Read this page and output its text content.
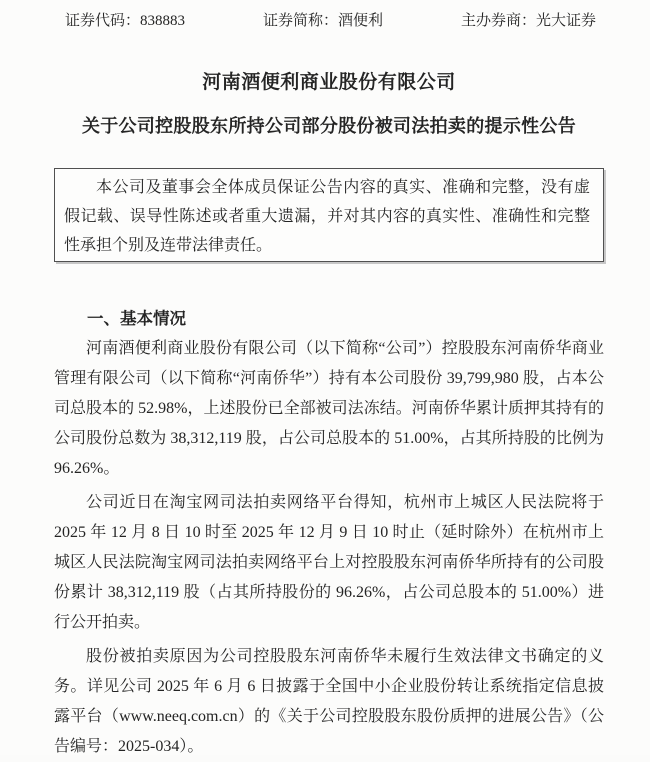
证券代码：838883	证券简称：酒便利	主办券商：光大证券
河南酒便利商业股份有限公司
关于公司控股股东所持公司部分股份被司法拍卖的提示性公告

本公司及董事会全体成员保证公告内容的真实、准确和完整，没有虚假记载、误导性陈述或者重大遗漏，并对其内容的真实性、准确性和完整性承担个别及连带法律责任。

一、基本情况

河南酒便利商业股份有限公司（以下简称“公司”）控股股东河南侨华商业管理有限公司（以下简称“河南侨华”）持有本公司股份 39,799,980 股，占本公司总股本的 52.98%，上述股份已全部被司法冻结。河南侨华累计质押其持有的公司股份总数为 38,312,119 股，占公司总股本的 51.00%，占其所持股的比例为 96.26%。

公司近日在淘宝网司法拍卖网络平台得知，杭州市上城区人民法院将于 2025 年 12 月 8 日 10 时至 2025 年 12 月 9 日 10 时止（延时除外）在杭州市上城区人民法院淘宝网司法拍卖网络平台上对控股股东河南侨华所持有的公司股份累计 38,312,119 股（占其所持股份的 96.26%，占公司总股本的 51.00%）进行公开拍卖。

股份被拍卖原因为公司控股股东河南侨华未履行生效法律文书确定的义务。详见公司 2025 年 6 月 6 日披露于全国中小企业股份转让系统指定信息披露平台（www.neeq.com.cn）的《关于公司控股股东股份质押的进展公告》（公告编号：2025-034）。
